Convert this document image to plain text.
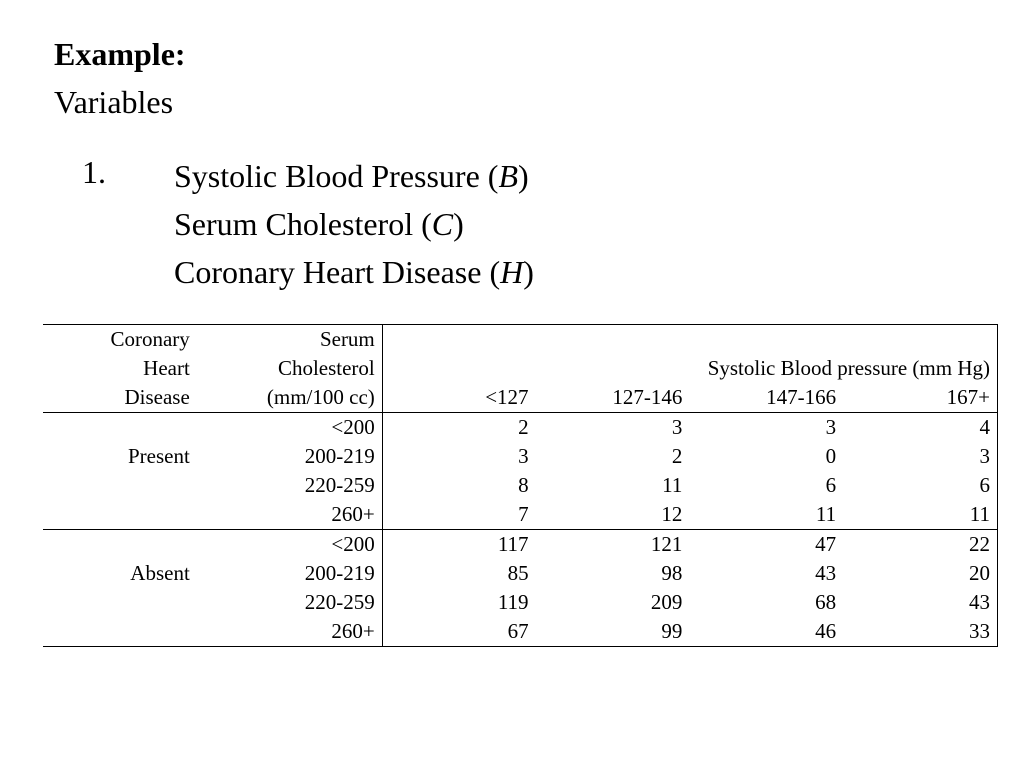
Example:
Variables
1. Systolic Blood Pressure (B)
Serum Cholesterol (C)
Coronary Heart Disease (H)
Coronary	Serum				
Heart	Cholesterol	Systolic Blood pressure (mm Hg)			
Disease	(mm/100 cc)	<127	127-146	147-166	167+
	<200	2	3	3	4
Present	200-219	3	2	0	3
	220-259	8	11	6	6
	260+	7	12	11	11
	<200	117	121	47	22
Absent	200-219	85	98	43	20
	220-259	119	209	68	43
	260+	67	99	46	33
